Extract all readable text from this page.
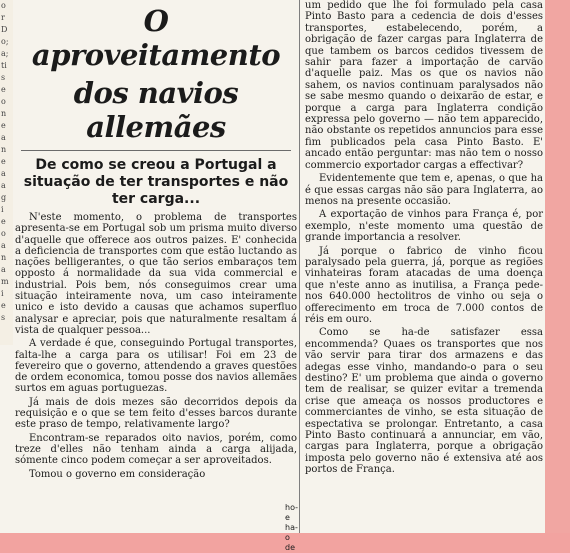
o
r
D
o;
a;
ti
s
e
o
n
e
a
n
e
a
a
g
i
e
o
a
n
a
m
i
e
s
O aproveitamento
dos navios allemães
De como se creou a Portugal a situação de ter transportes e não ter carga...

N'este momento, o problema de transportes apresenta-se em Portugal sob um prisma muito diverso d'aquelle que offerece aos outros paizes. E' conhecida a deficiencia de transportes com que estão luctando as nações belligerantes, o que tão serios embaraços tem opposto á normalidade da sua vida commercial e industrial. Pois bem, nós conseguimos crear uma situação inteiramente nova, um caso inteiramente unico e isto devido a causas que achamos superfluo analysar e apreciar, pois que naturalmente resaltam á vista de qualquer pessoa...

A verdade é que, conseguindo Portugal transportes, falta-lhe a carga para os utilisar! Foi em 23 de fevereiro que o governo, attendendo a graves questões de ordem economica, tomou posse dos navios allemães surtos em aguas portuguezas.

Já mais de dois mezes são decorridos depois da requisição e o que se tem feito d'esses barcos durante este praso de tempo, relativamente largo?

Encontram-se reparados oito navios, porém, como treze d'elles não tenham ainda a carga alijada, sómente cinco podem começar a ser aproveitados.

Tomou o governo em consideração

ho-
e ha-
o de

um pedido que lhe foi formulado pela casa Pinto Basto para a cedencia de dois d'esses transportes, estabelecendo, porém, a obrigação de fazer cargas para Inglaterra de que tambem os barcos cedidos tivessem de sahir para fazer a importação de carvão d'aquelle paiz. Mas os que os navios não sahem, os navios continuam paralysados não se sabe mesmo quando o deixarão de estar, e porque a carga para Inglaterra condição expressa pelo governo — não tem apparecido, não obstante os repetidos annuncios para esse fim publicados pela casa Pinto Basto. E' ancado então perguntar: mas não tem o nosso commercio exportador cargas a effectivar?

Evidentemente que tem e, apenas, o que ha é que essas cargas não são para Inglaterra, ao menos na presente occasião.

A exportação de vinhos para França é, por exemplo, n'este momento uma questão de grande importancia a resolver.

Já porque o fabrico de vinho ficou paralysado pela guerra, já, porque as regiões vinhateiras foram atacadas de uma doença que n'este anno as inutilisa, a França pede-nos 640.000 hectolitros de vinho ou seja o offerecimento em troca de 7.000 contos de réis em ouro.

Como se ha-de satisfazer essa encommenda? Quaes os transportes que nos vão servir para tirar dos armazens e das adegas esse vinho, mandando-o para o seu destino? E' um problema que ainda o governo tem de realisar, se quizer evitar a tremenda crise que ameaça os nossos productores e commerciantes de vinho, se esta situação de espectativa se prolongar. Entretanto, a casa Pinto Basto continuará a annunciar, em vão, cargas para Inglaterra, porque a obrigação imposta pelo governo não é extensiva até aos portos de França.
